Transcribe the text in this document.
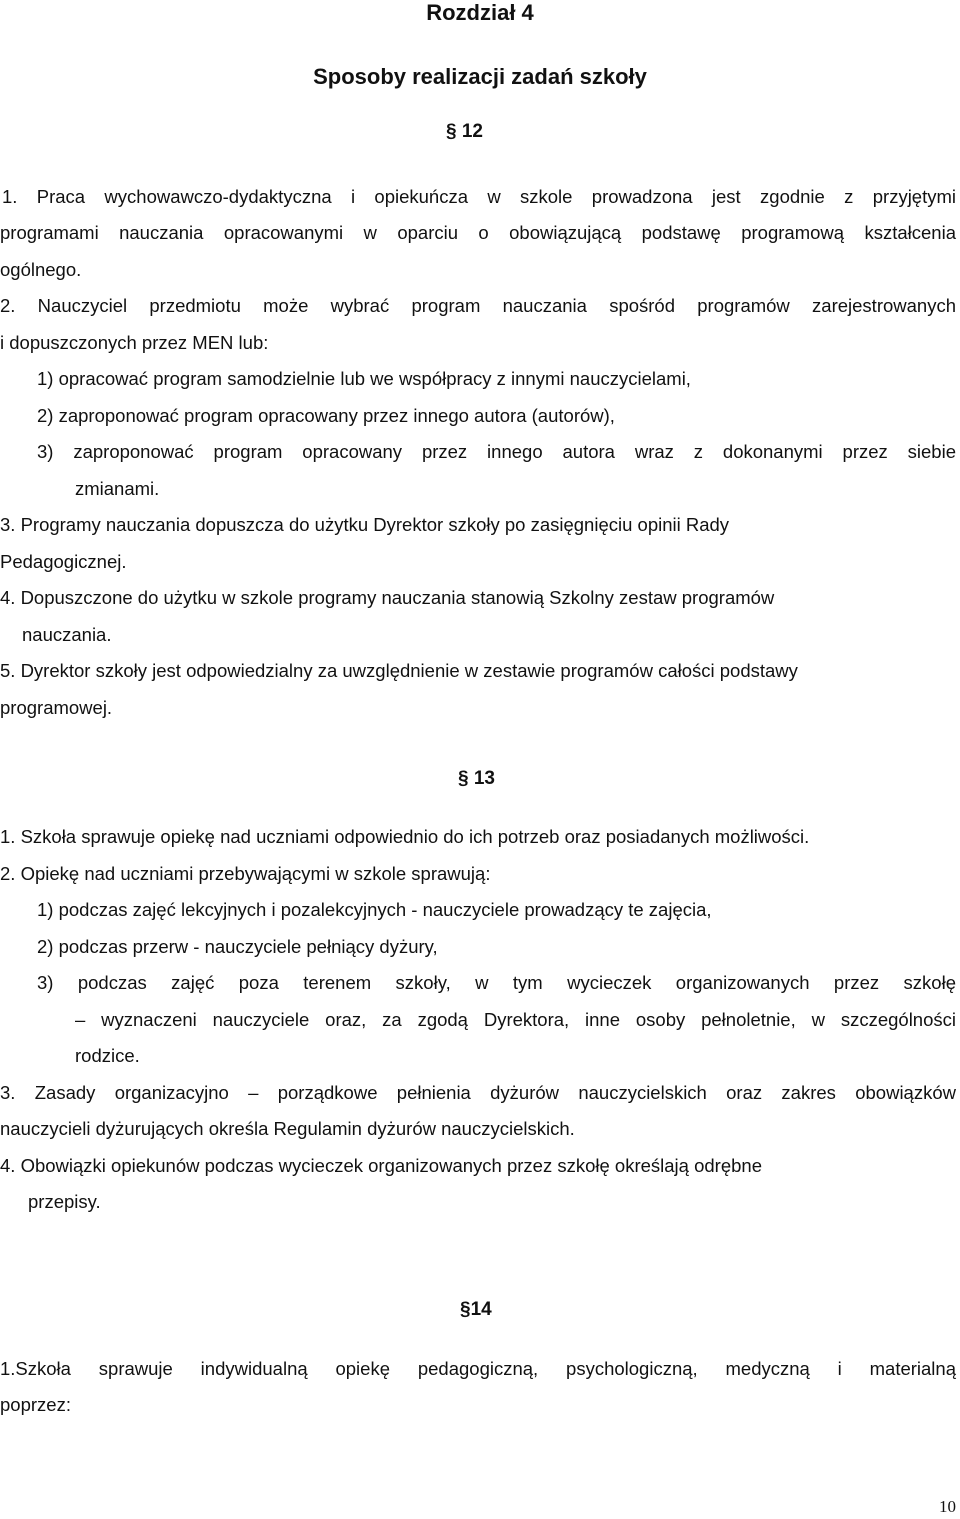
Rozdział 4
Sposoby realizacji zadań szkoły
§ 12
1. Praca wychowawczo-dydaktyczna i opiekuńcza w szkole prowadzona jest zgodnie z przyjętymi
programami nauczania opracowanymi w oparciu o obowiązującą podstawę programową kształcenia
ogólnego.
2. Nauczyciel przedmiotu może wybrać program nauczania spośród programów zarejestrowanych
i dopuszczonych przez MEN lub:
1) opracować program samodzielnie lub we współpracy z innymi nauczycielami,
2) zaproponować program opracowany przez innego autora (autorów),
3) zaproponować program opracowany przez innego autora wraz z dokonanymi przez siebie
zmianami.
3. Programy nauczania dopuszcza do użytku Dyrektor szkoły po zasięgnięciu opinii Rady
Pedagogicznej.
4. Dopuszczone do użytku w szkole programy nauczania stanowią Szkolny zestaw programów
nauczania.
5. Dyrektor szkoły jest odpowiedzialny za uwzględnienie w zestawie programów całości podstawy
programowej.
§ 13
1. Szkoła sprawuje opiekę nad uczniami odpowiednio do ich potrzeb oraz posiadanych możliwości.
2. Opiekę nad uczniami przebywającymi w szkole sprawują:
1) podczas zajęć lekcyjnych i pozalekcyjnych - nauczyciele prowadzący te zajęcia,
2) podczas przerw - nauczyciele pełniący dyżury,
3) podczas zajęć poza terenem szkoły, w tym wycieczek organizowanych przez szkołę
– wyznaczeni nauczyciele oraz, za zgodą Dyrektora, inne osoby pełnoletnie, w szczególności
rodzice.
3. Zasady organizacyjno – porządkowe pełnienia dyżurów nauczycielskich oraz zakres obowiązków
nauczycieli dyżurujących określa Regulamin dyżurów nauczycielskich.
4. Obowiązki opiekunów podczas wycieczek organizowanych przez szkołę określają odrębne
przepisy.
§14
1.Szkoła sprawuje indywidualną opiekę pedagogiczną, psychologiczną, medyczną i materialną
poprzez:
10
